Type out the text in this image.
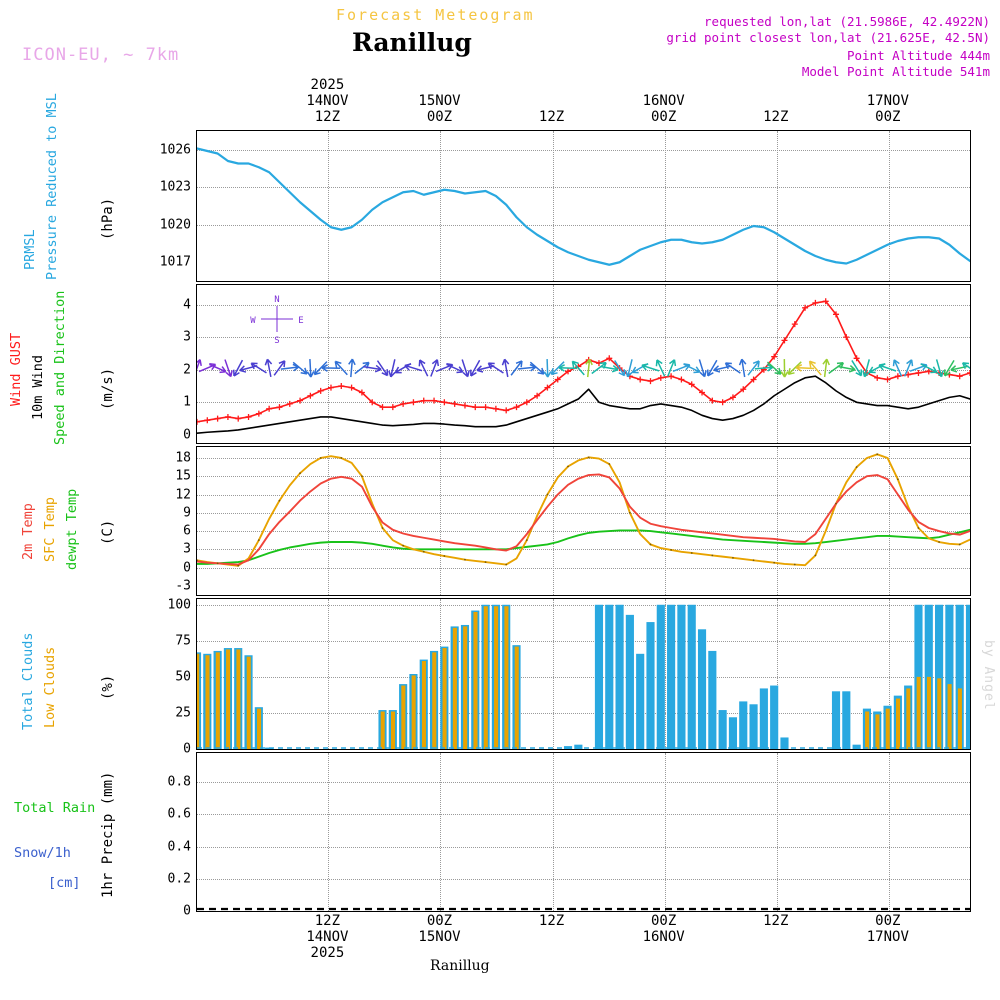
Forecast Meteogram
Ranillug
ICON-EU, ~ 7km
requested lon,lat (21.5986E, 42.4922N)
grid point closest lon,lat (21.625E, 42.5N)
Point Altitude 444m
Model Point Altitude 541m
by Angel
2025
14NOV
12Z
15NOV
00Z	12Z
16NOV
00Z	12Z
17NOV
00Z
PRMSL Pressure Reduced to MSL	(hPa)
1017
1020
1023
1026
Wind GUST 10m Wind Speed and Direction (m/s)
0
1
2
3
4	N
S
E
W
2m Temp SFC Temp dewpt Temp (C)
-3
0
3
6
9
12
15
18
Total Clouds Low Clouds	(%)
0
25
50
75
100
Total Rain
Snow/1h
[cm] 1hr Precip (mm)
0
0.2
0.4
0.6
0.8
12Z
14NOV
2025
00Z
15NOV
12Z	00Z
16NOV
12Z	00Z
17NOV
Ranillug
